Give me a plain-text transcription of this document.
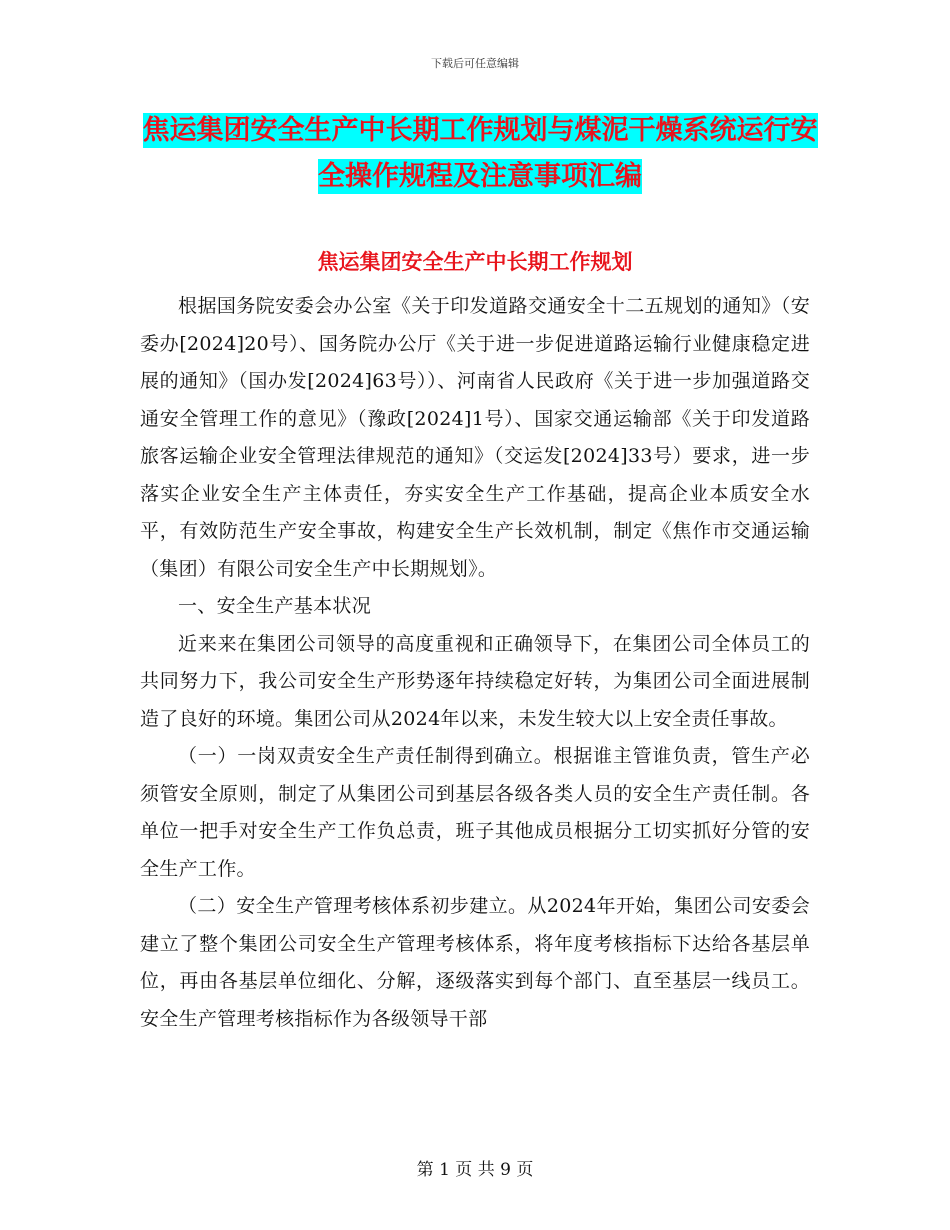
下载后可任意编辑
焦运集团安全生产中长期工作规划与煤泥干燥系统运行安全操作规程及注意事项汇编
焦运集团安全生产中长期工作规划

根据国务院安委会办公室《关于印发道路交通安全十二五规划的通知》（安委办[2024]20号）、国务院办公厅《关于进一步促进道路运输行业健康稳定进展的通知》（国办发[2024]63号））、河南省人民政府《关于进一步加强道路交通安全管理工作的意见》（豫政[2024]1号）、国家交通运输部《关于印发道路旅客运输企业安全管理法律规范的通知》（交运发[2024]33号）要求，进一步落实企业安全生产主体责任，夯实安全生产工作基础，提高企业本质安全水平，有效防范生产安全事故，构建安全生产长效机制，制定《焦作市交通运输（集团）有限公司安全生产中长期规划》。

一、安全生产基本状况

近来来在集团公司领导的高度重视和正确领导下，在集团公司全体员工的共同努力下，我公司安全生产形势逐年持续稳定好转，为集团公司全面进展制造了良好的环境。集团公司从2024年以来，未发生较大以上安全责任事故。

（一）一岗双责安全生产责任制得到确立。根据谁主管谁负责，管生产必须管安全原则，制定了从集团公司到基层各级各类人员的安全生产责任制。各单位一把手对安全生产工作负总责，班子其他成员根据分工切实抓好分管的安全生产工作。

（二）安全生产管理考核体系初步建立。从2024年开始，集团公司安委会建立了整个集团公司安全生产管理考核体系，将年度考核指标下达给各基层单位，再由各基层单位细化、分解，逐级落实到每个部门、直至基层一线员工。安全生产管理考核指标作为各级领导干部

第 1 页 共 9 页
